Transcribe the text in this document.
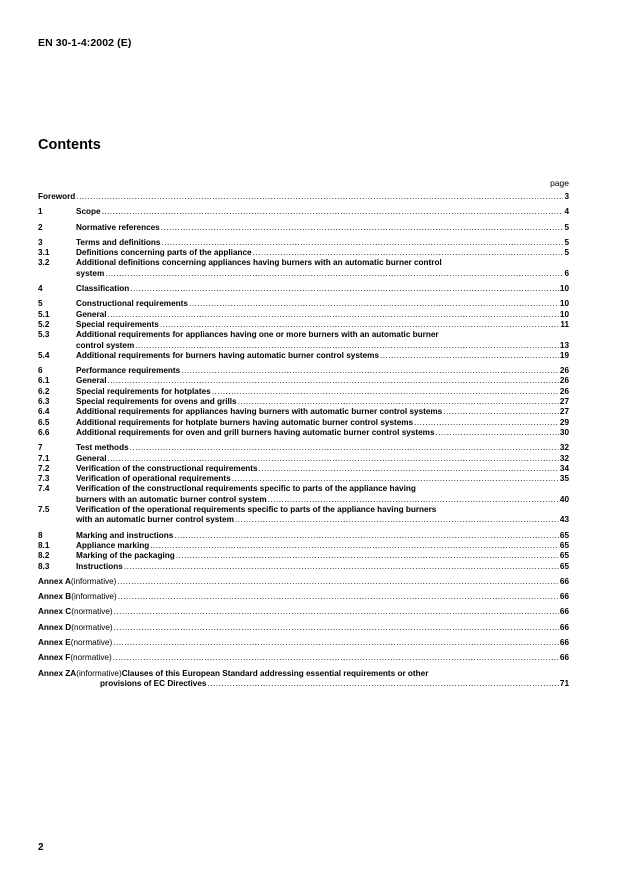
EN 30-1-4:2002 (E)
Contents
page
Foreword .....	3
1	Scope .....	4
2	Normative references .....	5
3	Terms and definitions .....	5
3.1	Definitions concerning parts of the appliance .....	5
3.2	Additional definitions concerning appliances having burners with an automatic burner control
system .....	6
4	Classification .....	10
5	Constructional requirements .....	10
5.1	General .....	10
5.2	Special requirements .....	11
5.3	Additional requirements for appliances having one or more burners with an automatic burner
control system .....	13
5.4	Additional requirements for burners having automatic burner control systems .....	19
6	Performance requirements .....	26
6.1	General .....	26
6.2	Special requirements for hotplates .....	26
6.3	Special requirements for ovens and grills .....	27
6.4	Additional requirements for appliances having burners with automatic burner control systems .....	27
6.5	Additional requirements for hotplate burners having automatic burner control systems .....	29
6.6	Additional requirements for oven and grill burners having automatic burner control systems .....	30
7	Test methods .....	32
7.1	General .....	32
7.2	Verification of the constructional requirements .....	34
7.3	Verification of operational requirements .....	35
7.4	Verification of the constructional requirements specific to parts of the appliance having
burners with an automatic burner control system .....	40
7.5	Verification of the operational requirements specific to parts of the appliance having burners
with an automatic burner control system .....	43
8	Marking and instructions .....	65
8.1	Appliance marking .....	65
8.2	Marking of the packaging .....	65
8.3	Instructions .....	65
Annex A (informative) .....	66
Annex B (informative) .....	66
Annex C (normative) .....	66
Annex D (normative) .....	66
Annex E (normative) .....	66
Annex F (normative) .....	66
Annex ZA (informative) Clauses of this European Standard addressing essential requirements or other
provisions of EC Directives .....	71
2
